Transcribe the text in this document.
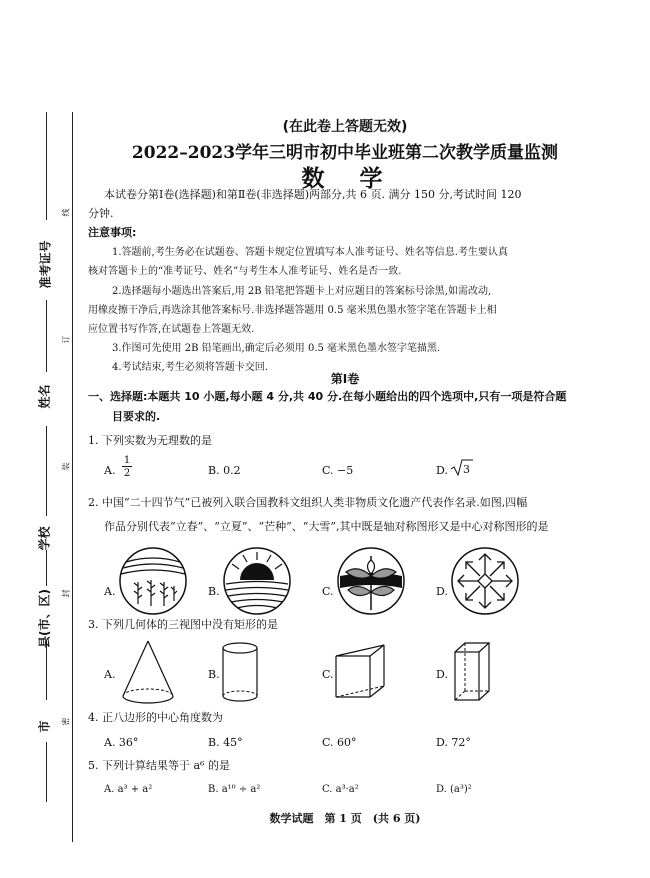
准考证号
姓名
学校
县(市、区)
市
线
订
装
封
密
(在此卷上答题无效)
2022–2023学年三明市初中毕业班第二次教学质量监测
数　学
本试卷分第Ⅰ卷(选择题)和第Ⅱ卷(非选择题)两部分,共 6 页. 满分 150 分,考试时间 120
分钟.
注意事项:
1.答题前,考生务必在试题卷、答题卡规定位置填写本人准考证号、姓名等信息.考生要认真
核对答题卡上的“准考证号、姓名”与考生本人准考证号、姓名是否一致.
2.选择题每小题选出答案后,用 2B 铅笔把答题卡上对应题目的答案标号涂黑,如需改动,
用橡皮擦干净后,再选涂其他答案标号.非选择题答题用 0.5 毫米黑色墨水签字笔在答题卡上相
应位置书写作答,在试题卷上答题无效.
3.作图可先使用 2B 铅笔画出,确定后必须用 0.5 毫米黑色墨水签字笔描黑.
4.考试结束,考生必须将答题卡交回.
第Ⅰ卷
一、选择题:本题共 10 小题,每小题 4 分,共 40 分.在每小题给出的四个选项中,只有一项是符合题
目要求的.
1. 下列实数为无理数的是
A.
1
2	B. 0.2	C. −5	D. 3
2. 中国“二十四节气”已被列入联合国教科文组织人类非物质文化遗产代表作名录.如图,四幅
作品分别代表“立春”、“立夏”、“芒种”、“大雪”,其中既是轴对称图形又是中心对称图形的是
A.	B.	C.	D.
3. 下列几何体的三视图中没有矩形的是
A.	B.	C.	D.
4. 正八边形的中心角度数为
A. 36°	B. 45°	C. 60°	D. 72°
5. 下列计算结果等于 a⁶ 的是
A. a³ + a²	B. a¹⁰ ÷ a²	C. a³·a²	D. (a³)²
数学试题　第 1 页　(共 6 页)
